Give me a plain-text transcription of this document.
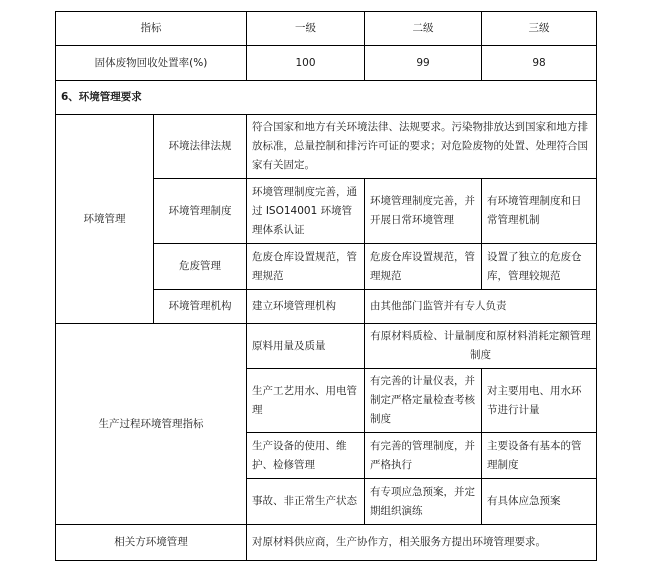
指标		一级	二级	三级
固体废物回收处置率(%)		100	99	98
6、环境管理要求				
环境管理	环境法律法规	符合国家和地方有关环境法律、法规要求。污染物排放达到国家和地方排放标准，总量控制和排污许可证的要求；对危险废物的处置、处理符合国家有关固定。		
	环境管理制度	环境管理制度完善，通过 ISO14001 环境管理体系认证	环境管理制度完善，并开展日常环境管理	有环境管理制度和日常管理机制
	危废管理	危废仓库设置规范，管理规范	危废仓库设置规范，管理规范	设置了独立的危废仓库，管理较规范
	环境管理机构	建立环境管理机构	由其他部门监管并有专人负责	
生产过程环境管理指标		原料用量及质量	有原材料质检、计量制度和原材料消耗定额管理制度	
		生产工艺用水、用电管理	有完善的计量仪表，并制定严格定量检查考核制度	对主要用电、用水环节进行计量
		生产设备的使用、维护、检修管理	有完善的管理制度，并严格执行	主要设备有基本的管理制度
		事故、非正常生产状态	有专项应急预案，并定期组织演练	有具体应急预案
相关方环境管理		对原材料供应商，生产协作方，相关服务方提出环境管理要求。		
